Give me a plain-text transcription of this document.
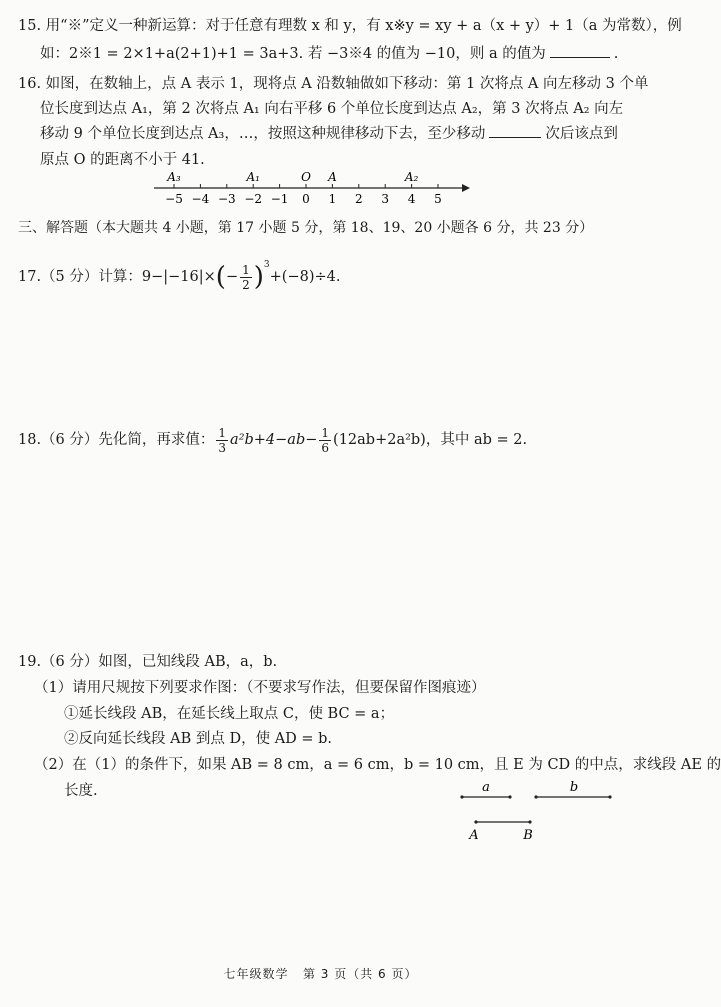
15. 用“※”定义一种新运算：对于任意有理数 x 和 y，有 x※y = xy + a（x + y）+ 1（a 为常数），例
如：2※1 = 2×1+a(2+1)+1 = 3a+3. 若 −3※4 的值为 −10，则 a 的值为	.
16. 如图，在数轴上，点 A 表示 1，现将点 A 沿数轴做如下移动：第 1 次将点 A 向左移动 3 个单
位长度到达点 A₁，第 2 次将点 A₁ 向右平移 6 个单位长度到达点 A₂，第 3 次将点 A₂ 向左
移动 9 个单位长度到达点 A₃，…，按照这种规律移动下去，至少移动	次后该点到
原点 O 的距离不小于 41.
−5 −4 −3 −2 −1 0 1 2 3 4 5
A₃	A₁	O A	A₂
三、解答题（本大题共 4 小题，第 17 小题 5 分，第 18、19、20 小题各 6 分，共 23 分）
17.（5 分）计算：$9-|-16|\times(- \frac{1}{2} )^3+(-8)\div 4$.
18.（6 分）先化简，再求值： $\frac{1}{3} a^2b+4-ab- \frac{1}{6} (12ab+2a^2b)$，其中 ab = 2.
19.（6 分）如图，已知线段 AB，a，b.
（1）请用尺规按下列要求作图：（不要求写作法，但要保留作图痕迹）
①延长线段 AB，在延长线上取点 C，使 BC = a；
②反向延长线段 AB 到点 D，使 AD = b.
（2）在（1）的条件下，如果 AB = 8 cm，a = 6 cm，b = 10 cm，且 E 为 CD 的中点，求线段 AE 的
长度.	a	b
A	B
七年级数学   第 3 页（共 6 页）
